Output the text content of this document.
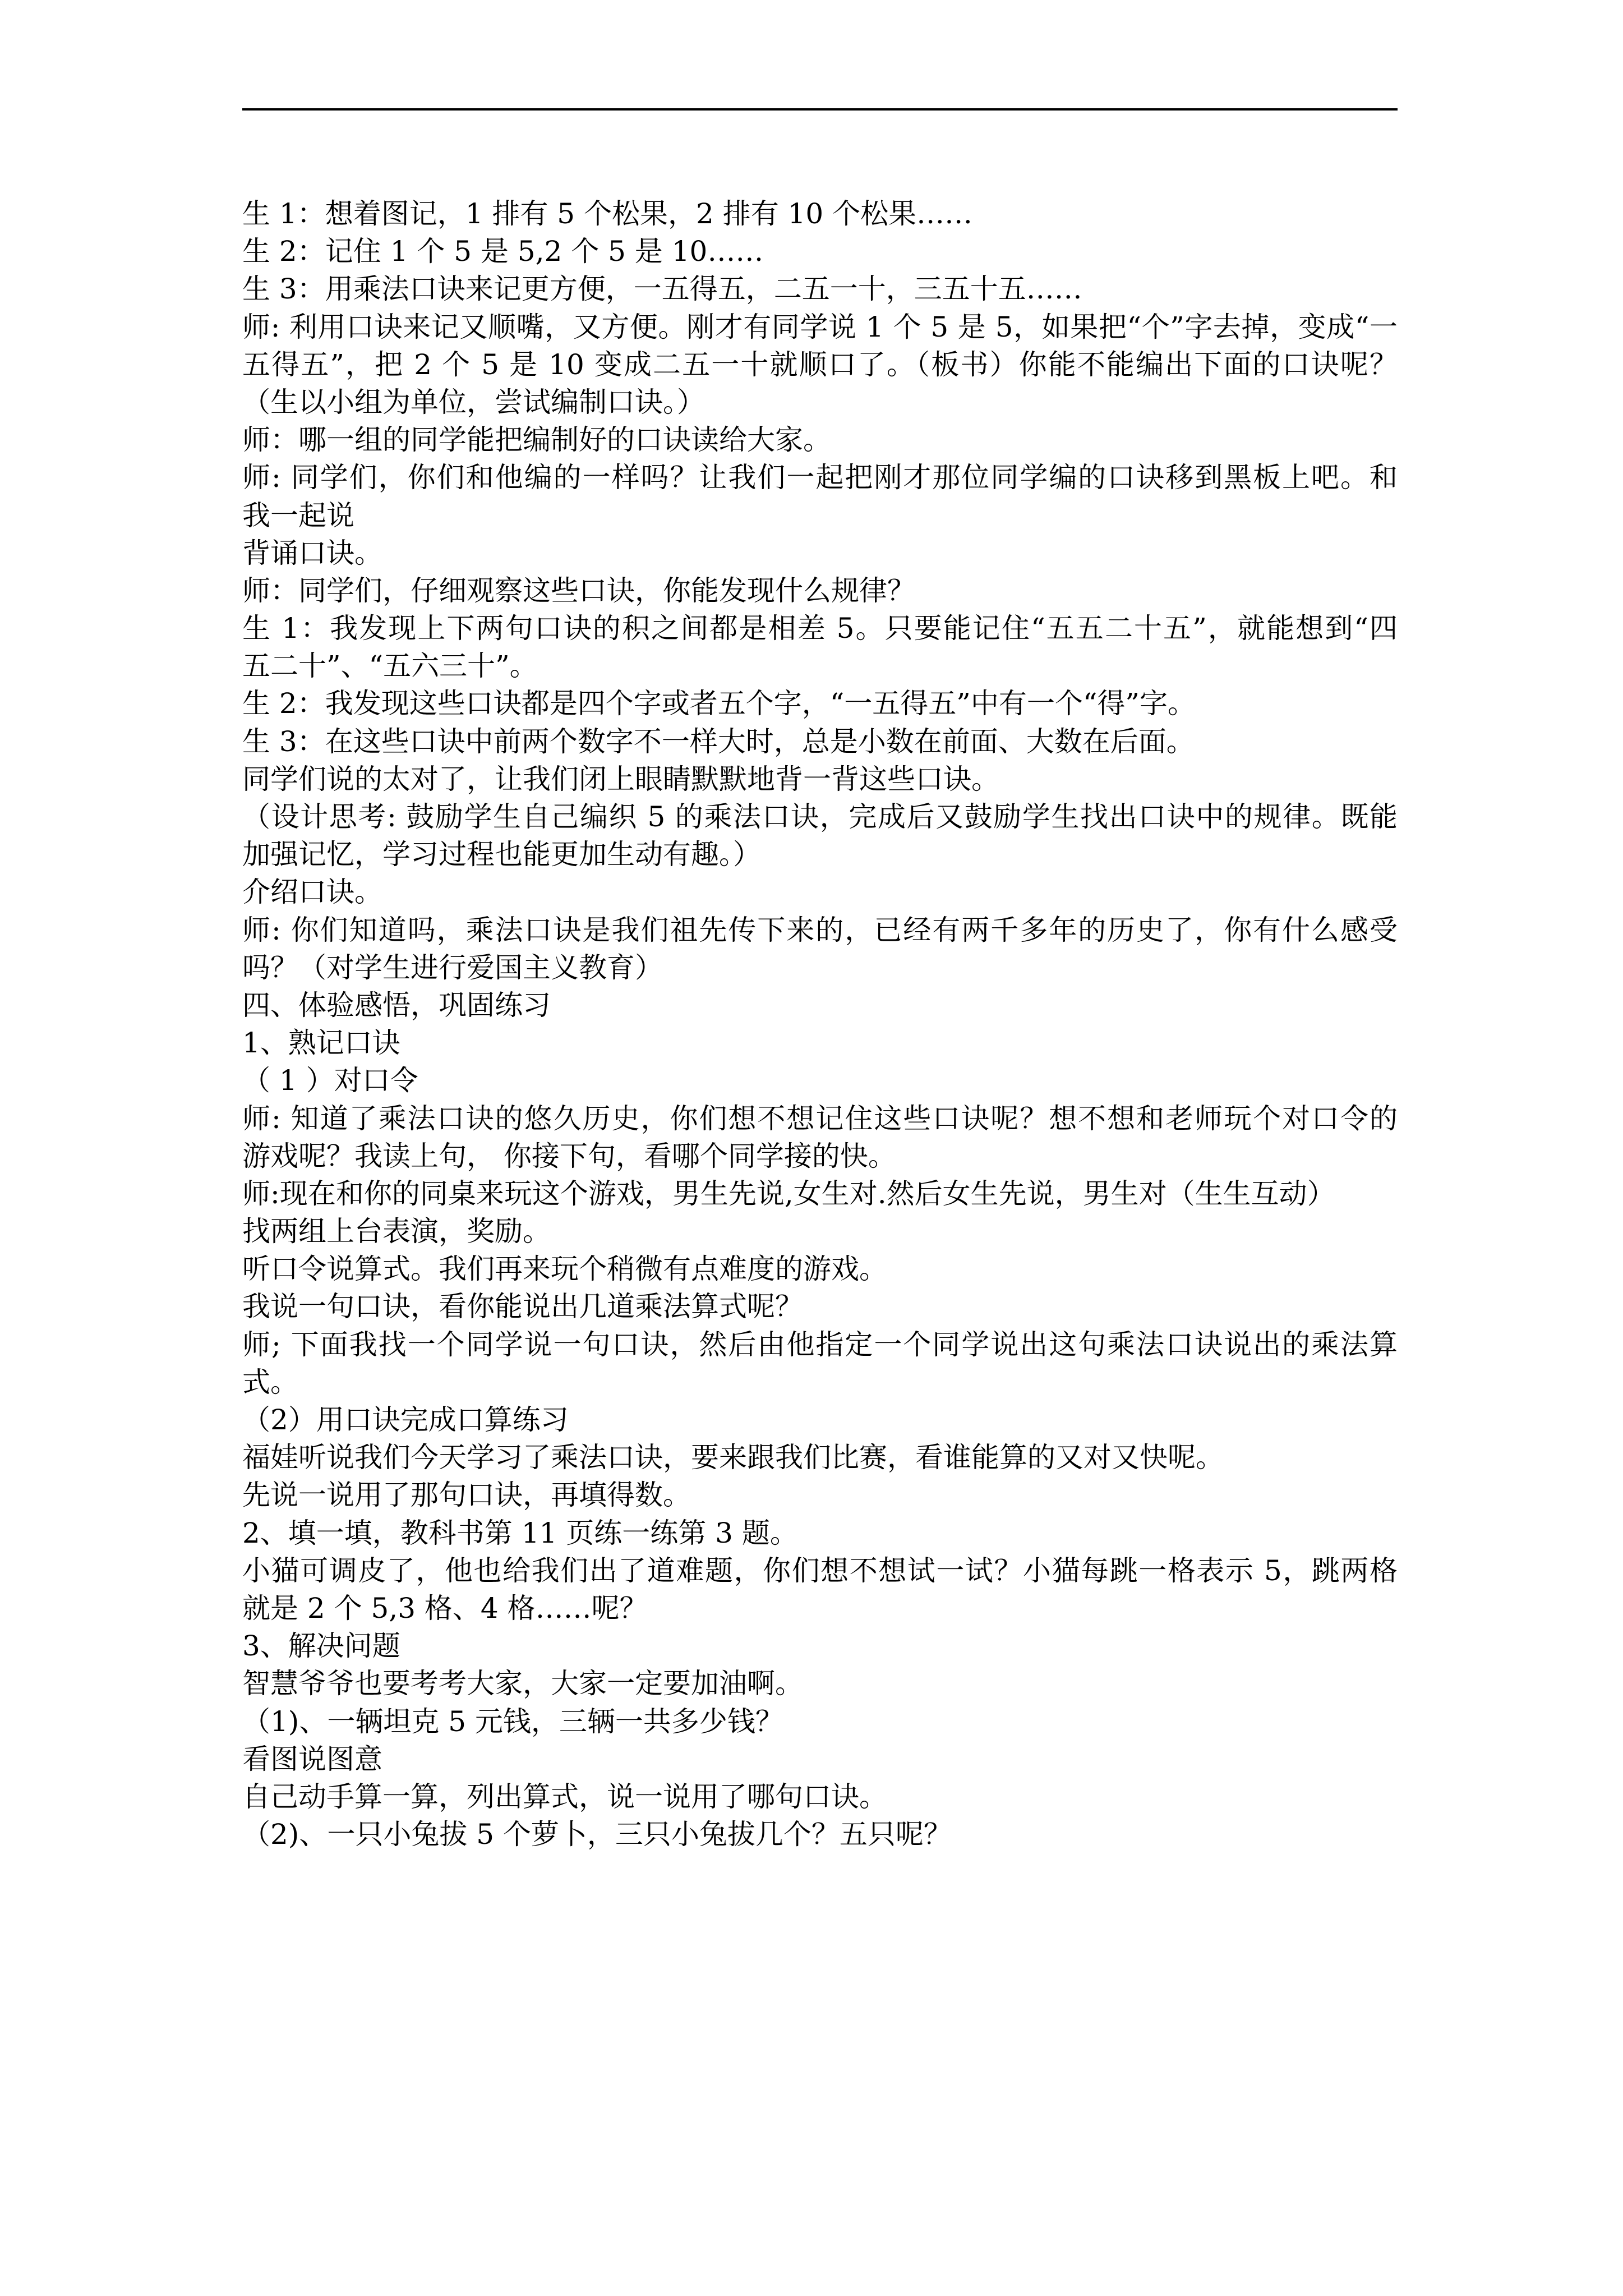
生 1：想着图记，1 排有 5 个松果，2 排有 10 个松果……
生 2：记住 1 个 5 是 5,2 个 5 是 10……
生 3：用乘法口诀来记更方便，一五得五，二五一十，三五十五……
师: 利用口诀来记又顺嘴，又方便。刚才有同学说 1 个 5 是 5，如果把“个”字去掉，变成“一
五得五”，把 2 个 5 是 10 变成二五一十就顺口了。（板书）你能不能编出下面的口诀呢？
（生以小组为单位，尝试编制口诀。）
师：哪一组的同学能把编制好的口诀读给大家。
师: 同学们，你们和他编的一样吗？让我们一起把刚才那位同学编的口诀移到黑板上吧。和
我一起说
背诵口诀。
师：同学们，仔细观察这些口诀，你能发现什么规律？
生 1：我发现上下两句口诀的积之间都是相差 5。只要能记住“五五二十五”，就能想到“四
五二十”、“五六三十”。
生 2：我发现这些口诀都是四个字或者五个字，“一五得五”中有一个“得”字。
生 3：在这些口诀中前两个数字不一样大时，总是小数在前面、大数在后面。
同学们说的太对了，让我们闭上眼睛默默地背一背这些口诀。
（设计思考: 鼓励学生自己编织 5 的乘法口诀，完成后又鼓励学生找出口诀中的规律。既能
加强记忆，学习过程也能更加生动有趣。）
介绍口诀。
师: 你们知道吗，乘法口诀是我们祖先传下来的，已经有两千多年的历史了，你有什么感受
吗？（对学生进行爱国主义教育）
四、体验感悟，巩固练习
1、熟记口诀
（ 1 ）对口令
师: 知道了乘法口诀的悠久历史，你们想不想记住这些口诀呢？想不想和老师玩个对口令的
游戏呢？我读上句， 你接下句，看哪个同学接的快。
师:现在和你的同桌来玩这个游戏，男生先说,女生对.然后女生先说，男生对（生生互动）
找两组上台表演，奖励。
听口令说算式。我们再来玩个稍微有点难度的游戏。
我说一句口诀，看你能说出几道乘法算式呢？
师; 下面我找一个同学说一句口诀，然后由他指定一个同学说出这句乘法口诀说出的乘法算
式。
（2）用口诀完成口算练习
福娃听说我们今天学习了乘法口诀，要来跟我们比赛，看谁能算的又对又快呢。
先说一说用了那句口诀，再填得数。
2、填一填，教科书第 11 页练一练第 3 题。
小猫可调皮了，他也给我们出了道难题，你们想不想试一试？小猫每跳一格表示 5，跳两格
就是 2 个 5,3 格、4 格……呢？
3、解决问题
智慧爷爷也要考考大家，大家一定要加油啊。
（1)、一辆坦克 5 元钱，三辆一共多少钱？
看图说图意
自己动手算一算，列出算式，说一说用了哪句口诀。
（2)、一只小兔拔 5 个萝卜，三只小兔拔几个？五只呢？
